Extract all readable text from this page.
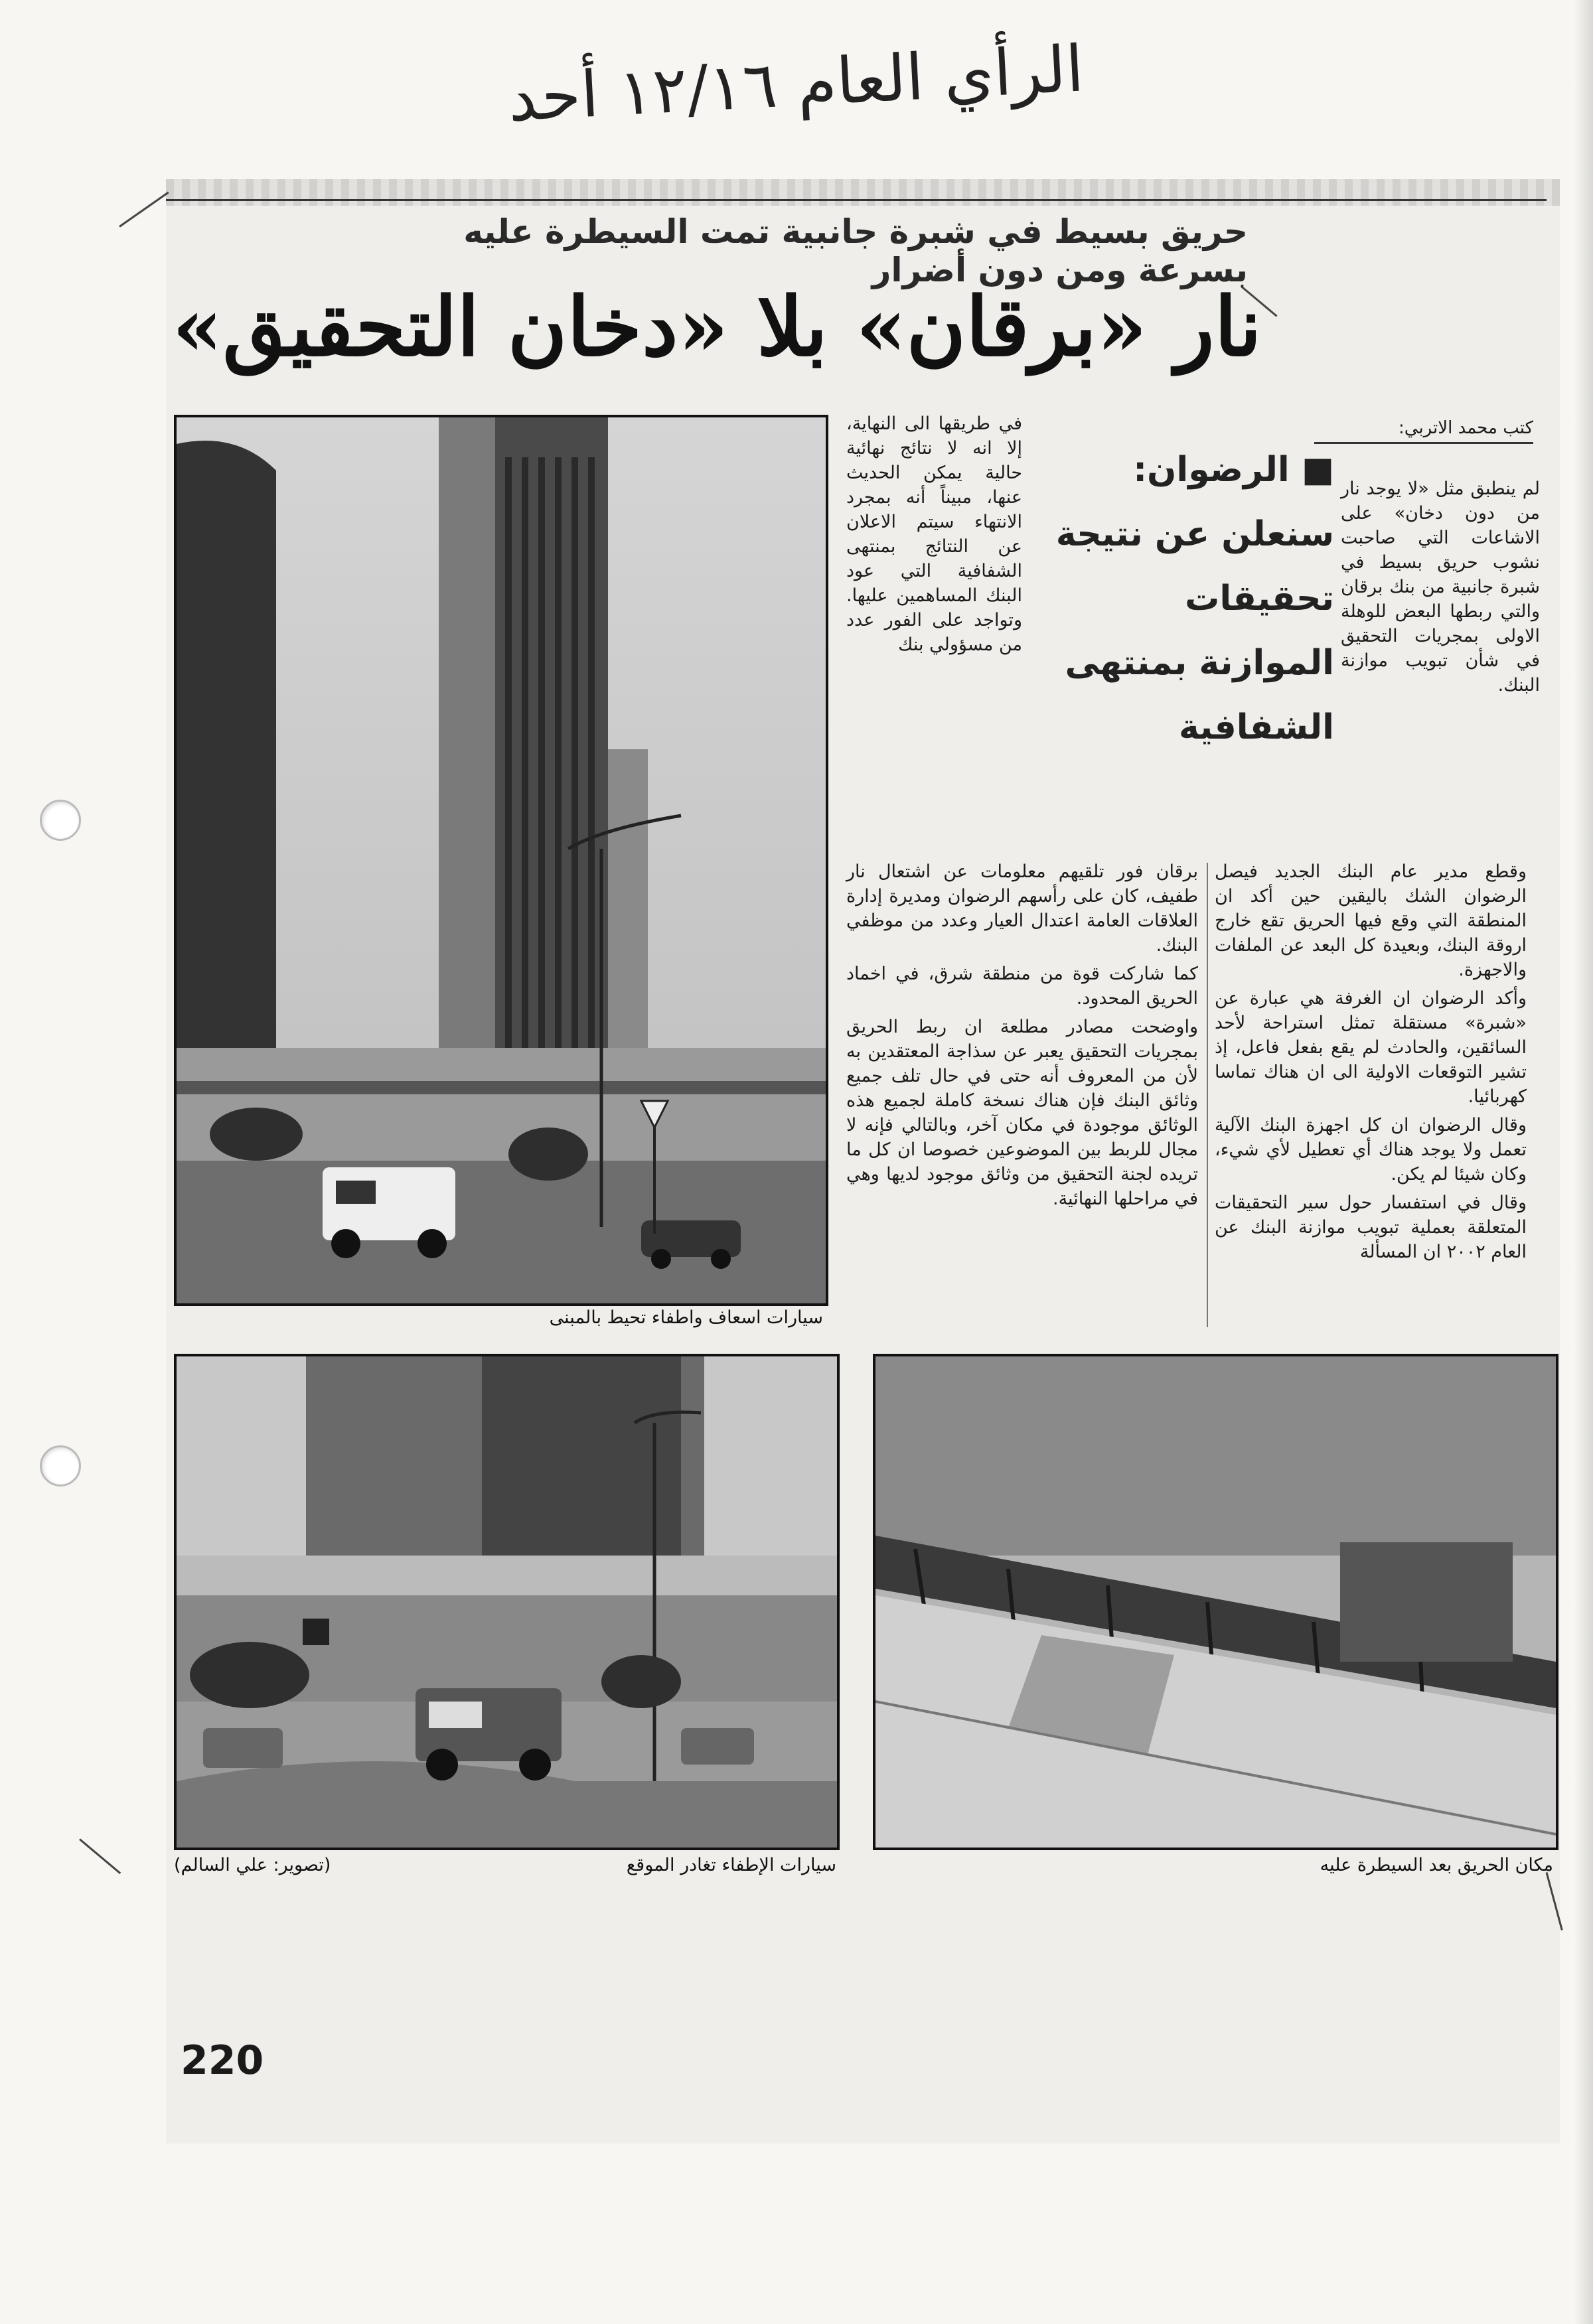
الرأي العام ١٢/١٦ أحد
حريق بسيط في شبرة جانبية تمت السيطرة عليه بسرعة ومن دون أضرار
نار «برقان» بلا «دخان التحقيق»
كتب محمد الاتربي:
■ الرضوان: سنعلن عن نتيجة تحقيقات الموازنة بمنتهى الشفافية

لم ينطبق مثل «لا يوجد نار من دون دخان» على الاشاعات التي صاحبت نشوب حريق بسيط في شبرة جانبية من بنك برقان والتي ربطها البعض للوهلة الاولى بمجريات التحقيق في شأن تبويب موازنة البنك.

في طريقها الى النهاية، إلا انه لا نتائج نهائية حالية يمكن الحديث عنها، مبيناً أنه بمجرد الانتهاء سيتم الاعلان عن النتائج بمنتهى الشفافية التي عود البنك المساهمين عليها. وتواجد على الفور عدد من مسؤولي بنك

وقطع مدير عام البنك الجديد فيصل الرضوان الشك باليقين حين أكد ان المنطقة التي وقع فيها الحريق تقع خارج اروقة البنك، وبعيدة كل البعد عن الملفات والاجهزة.

وأكد الرضوان ان الغرفة هي عبارة عن «شبرة» مستقلة تمثل استراحة لأحد السائقين، والحادث لم يقع بفعل فاعل، إذ تشير التوقعات الاولية الى ان هناك تماسا كهربائيا.

وقال الرضوان ان كل اجهزة البنك الآلية تعمل ولا يوجد هناك أي تعطيل لأي شيء، وكان شيئا لم يكن.

وقال في استفسار حول سير التحقيقات المتعلقة بعملية تبويب موازنة البنك عن العام ٢٠٠٢ ان المسألة

برقان فور تلقيهم معلومات عن اشتعال نار طفيف، كان على رأسهم الرضوان ومديرة إدارة العلاقات العامة اعتدال العيار وعدد من موظفي البنك.

كما شاركت قوة من منطقة شرق، في اخماد الحريق المحدود.

واوضحت مصادر مطلعة ان ربط الحريق بمجريات التحقيق يعبر عن سذاجة المعتقدين به لأن من المعروف أنه حتى في حال تلف جميع وثائق البنك فإن هناك نسخة كاملة لجميع هذه الوثائق موجودة في مكان آخر، وبالتالي فإنه لا مجال للربط بين الموضوعين خصوصا ان كل ما تريده لجنة التحقيق من وثائق موجود لديها وهي في مراحلها النهائية.

سيارات اسعاف واطفاء تحيط بالمبنى
سيارات الإطفاء تغادر الموقع
(تصوير: علي السالم)	مكان الحريق بعد السيطرة عليه
220
